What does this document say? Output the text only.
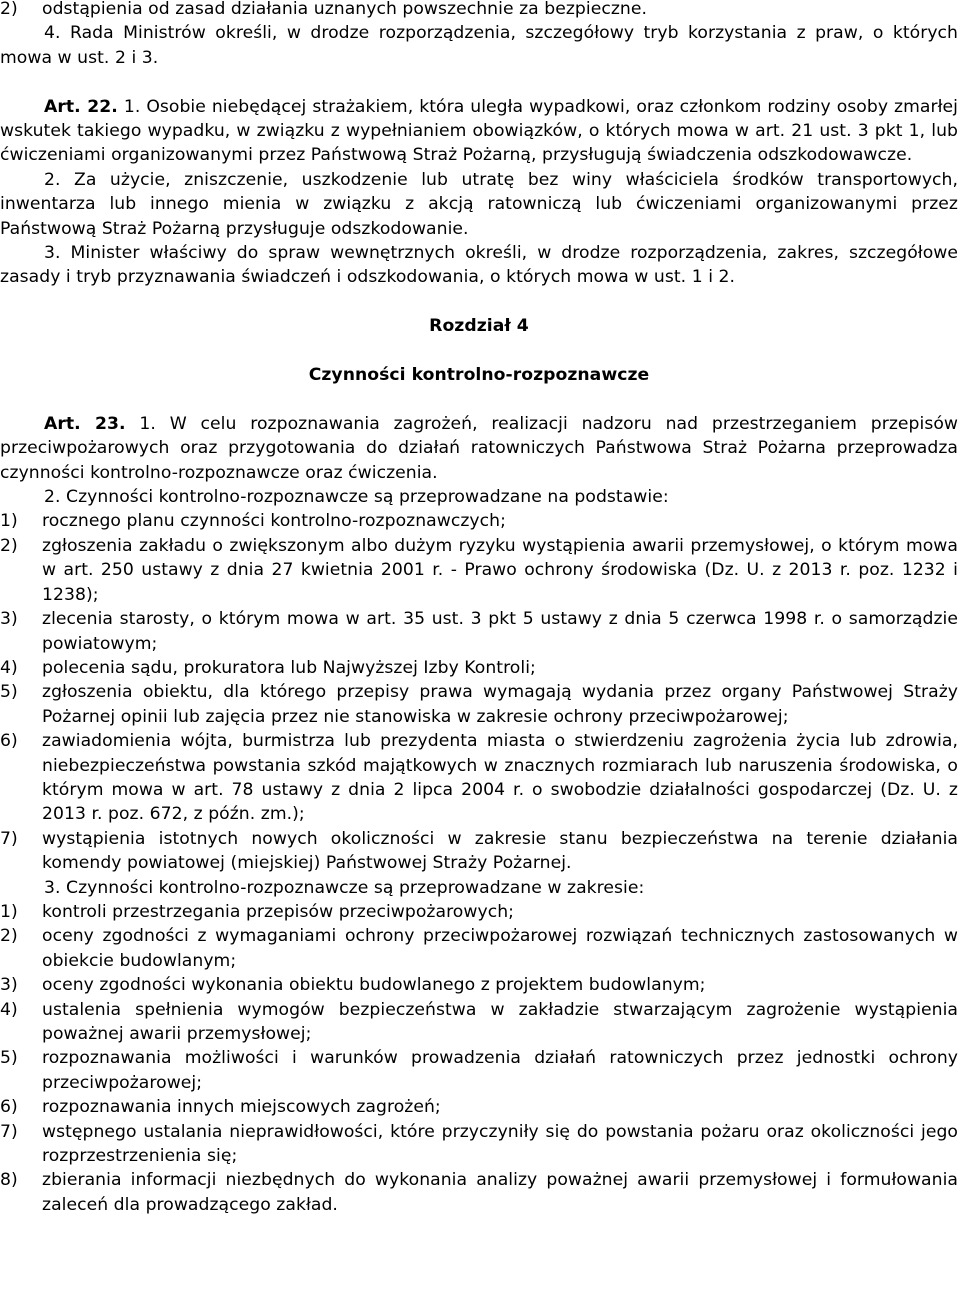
2)	odstąpienia od zasad działania uznanych powszechnie za bezpieczne.

4. Rada Ministrów określi, w drodze rozporządzenia, szczegółowy tryb korzystania z praw, o których mowa w ust. 2 i 3.

Art. 22. 1. Osobie niebędącej strażakiem, która uległa wypadkowi, oraz członkom rodziny osoby zmarłej wskutek takiego wypadku, w związku z wypełnianiem obowiązków, o których mowa w art. 21 ust. 3 pkt 1, lub ćwiczeniami organizowanymi przez Państwową Straż Pożarną, przysługują świadczenia odszkodowawcze.

2. Za użycie, zniszczenie, uszkodzenie lub utratę bez winy właściciela środków transportowych, inwentarza lub innego mienia w związku z akcją ratowniczą lub ćwiczeniami organizowanymi przez Państwową Straż Pożarną przysługuje odszkodowanie.

3. Minister właściwy do spraw wewnętrznych określi, w drodze rozporządzenia, zakres, szczegółowe zasady i tryb przyznawania świadczeń i odszkodowania, o których mowa w ust. 1 i 2.

Rozdział 4

Czynności kontrolno-rozpoznawcze

Art. 23. 1. W celu rozpoznawania zagrożeń, realizacji nadzoru nad przestrzeganiem przepisów przeciwpożarowych oraz przygotowania do działań ratowniczych Państwowa Straż Pożarna przeprowadza czynności kontrolno-rozpoznawcze oraz ćwiczenia.

2. Czynności kontrolno-rozpoznawcze są przeprowadzane na podstawie:

1)	rocznego planu czynności kontrolno-rozpoznawczych;
2)	zgłoszenia zakładu o zwiększonym albo dużym ryzyku wystąpienia awarii przemysłowej, o którym mowa w art. 250 ustawy z dnia 27 kwietnia 2001 r. - Prawo ochrony środowiska (Dz. U. z 2013 r. poz. 1232 i 1238);
3)	zlecenia starosty, o którym mowa w art. 35 ust. 3 pkt 5 ustawy z dnia 5 czerwca 1998 r. o samorządzie powiatowym;
4)	polecenia sądu, prokuratora lub Najwyższej Izby Kontroli;
5)	zgłoszenia obiektu, dla którego przepisy prawa wymagają wydania przez organy Państwowej Straży Pożarnej opinii lub zajęcia przez nie stanowiska w zakresie ochrony przeciwpożarowej;
6)	zawiadomienia wójta, burmistrza lub prezydenta miasta o stwierdzeniu zagrożenia życia lub zdrowia, niebezpieczeństwa powstania szkód majątkowych w znacznych rozmiarach lub naruszenia środowiska, o którym mowa w art. 78 ustawy z dnia 2 lipca 2004 r. o swobodzie działalności gospodarczej (Dz. U. z 2013 r. poz. 672, z późn. zm.);
7)	wystąpienia istotnych nowych okoliczności w zakresie stanu bezpieczeństwa na terenie działania komendy powiatowej (miejskiej) Państwowej Straży Pożarnej.

3. Czynności kontrolno-rozpoznawcze są przeprowadzane w zakresie:

1)	kontroli przestrzegania przepisów przeciwpożarowych;
2)	oceny zgodności z wymaganiami ochrony przeciwpożarowej rozwiązań technicznych zastosowanych w obiekcie budowlanym;
3)	oceny zgodności wykonania obiektu budowlanego z projektem budowlanym;
4)	ustalenia spełnienia wymogów bezpieczeństwa w zakładzie stwarzającym zagrożenie wystąpienia poważnej awarii przemysłowej;
5)	rozpoznawania możliwości i warunków prowadzenia działań ratowniczych przez jednostki ochrony przeciwpożarowej;
6)	rozpoznawania innych miejscowych zagrożeń;
7)	wstępnego ustalania nieprawidłowości, które przyczyniły się do powstania pożaru oraz okoliczności jego rozprzestrzenienia się;
8)	zbierania informacji niezbędnych do wykonania analizy poważnej awarii przemysłowej i formułowania zaleceń dla prowadzącego zakład.
